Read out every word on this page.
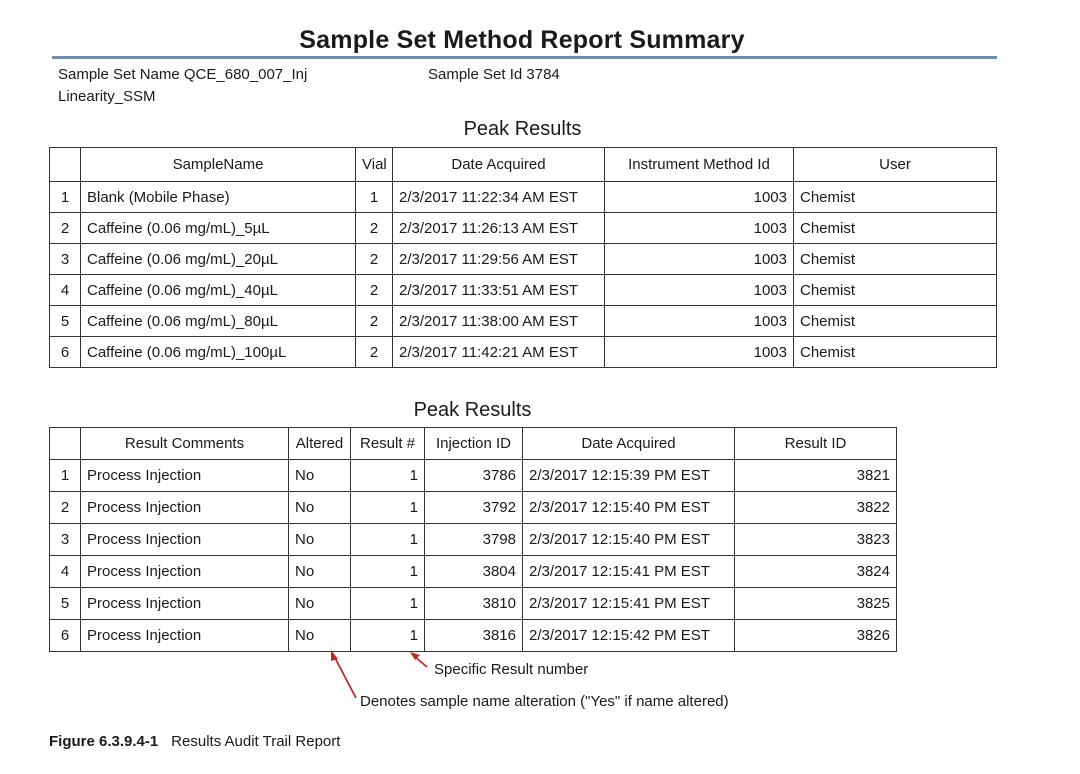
Sample Set Method Report Summary
Sample Set Name QCE_680_007_Inj
Linearity_SSM
Sample Set Id 3784
Peak Results
	SampleName	Vial	Date Acquired	Instrument Method Id	User
1	Blank (Mobile Phase)	1	2/3/2017 11:22:34 AM EST	1003	Chemist
2	Caffeine (0.06 mg/mL)_5µL	2	2/3/2017 11:26:13 AM EST	1003	Chemist
3	Caffeine (0.06 mg/mL)_20µL	2	2/3/2017 11:29:56 AM EST	1003	Chemist
4	Caffeine (0.06 mg/mL)_40µL	2	2/3/2017 11:33:51 AM EST	1003	Chemist
5	Caffeine (0.06 mg/mL)_80µL	2	2/3/2017 11:38:00 AM EST	1003	Chemist
6	Caffeine (0.06 mg/mL)_100µL	2	2/3/2017 11:42:21 AM EST	1003	Chemist
Peak Results
	Result Comments	Altered	Result #	Injection ID	Date Acquired	Result ID
1	Process Injection	No	1	3786	2/3/2017 12:15:39 PM EST	3821
2	Process Injection	No	1	3792	2/3/2017 12:15:40 PM EST	3822
3	Process Injection	No	1	3798	2/3/2017 12:15:40 PM EST	3823
4	Process Injection	No	1	3804	2/3/2017 12:15:41 PM EST	3824
5	Process Injection	No	1	3810	2/3/2017 12:15:41 PM EST	3825
6	Process Injection	No	1	3816	2/3/2017 12:15:42 PM EST	3826
Specific Result number
Denotes sample name alteration ("Yes" if name altered)
Figure 6.3.9.4-1 Results Audit Trail Report
